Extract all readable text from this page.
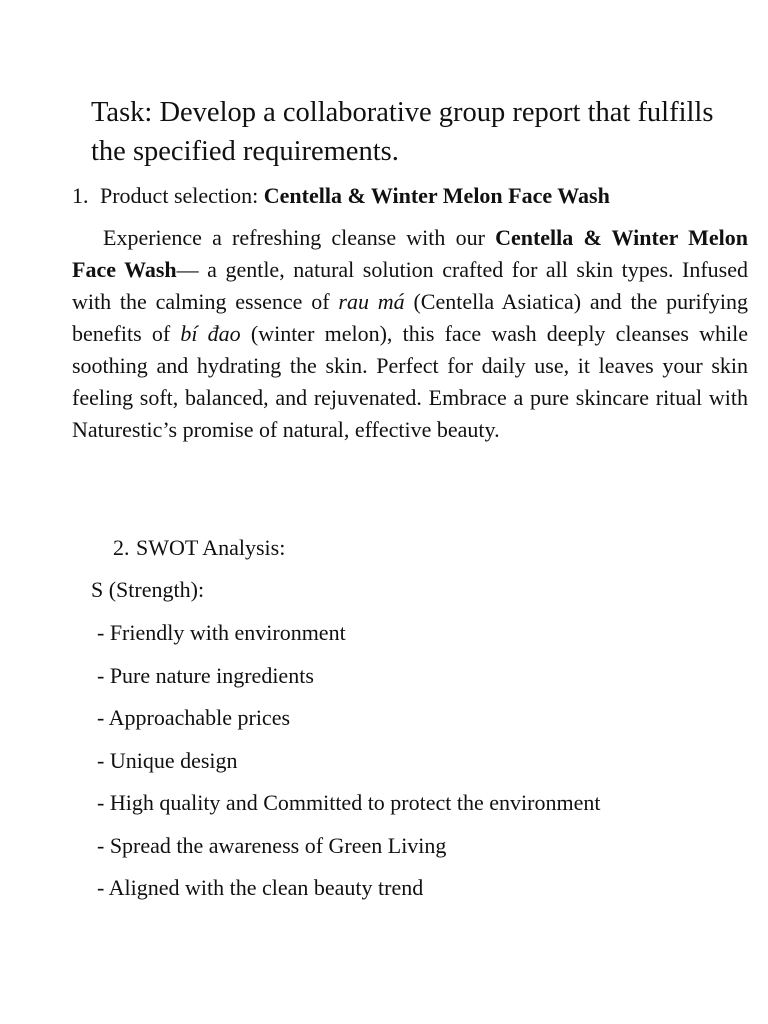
Task: Develop a collaborative group report that fulfills the specified requirements.

1. Product selection: Centella & Winter Melon Face Wash

Experience a refreshing cleanse with our Centella & Winter Melon Face Wash— a gentle, natural solution crafted for all skin types. Infused with the calming essence of rau má (Centella Asiatica) and the purifying benefits of bí đao (winter melon), this face wash deeply cleanses while soothing and hydrating the skin. Perfect for daily use, it leaves your skin feeling soft, balanced, and rejuvenated. Embrace a pure skincare ritual with Naturestic’s promise of natural, effective beauty.

2. SWOT Analysis:

S (Strength):

- Friendly with environment
- Pure nature ingredients
- Approachable prices
- Unique design
- High quality and Committed to protect the environment
- Spread the awareness of Green Living
- Aligned with the clean beauty trend
